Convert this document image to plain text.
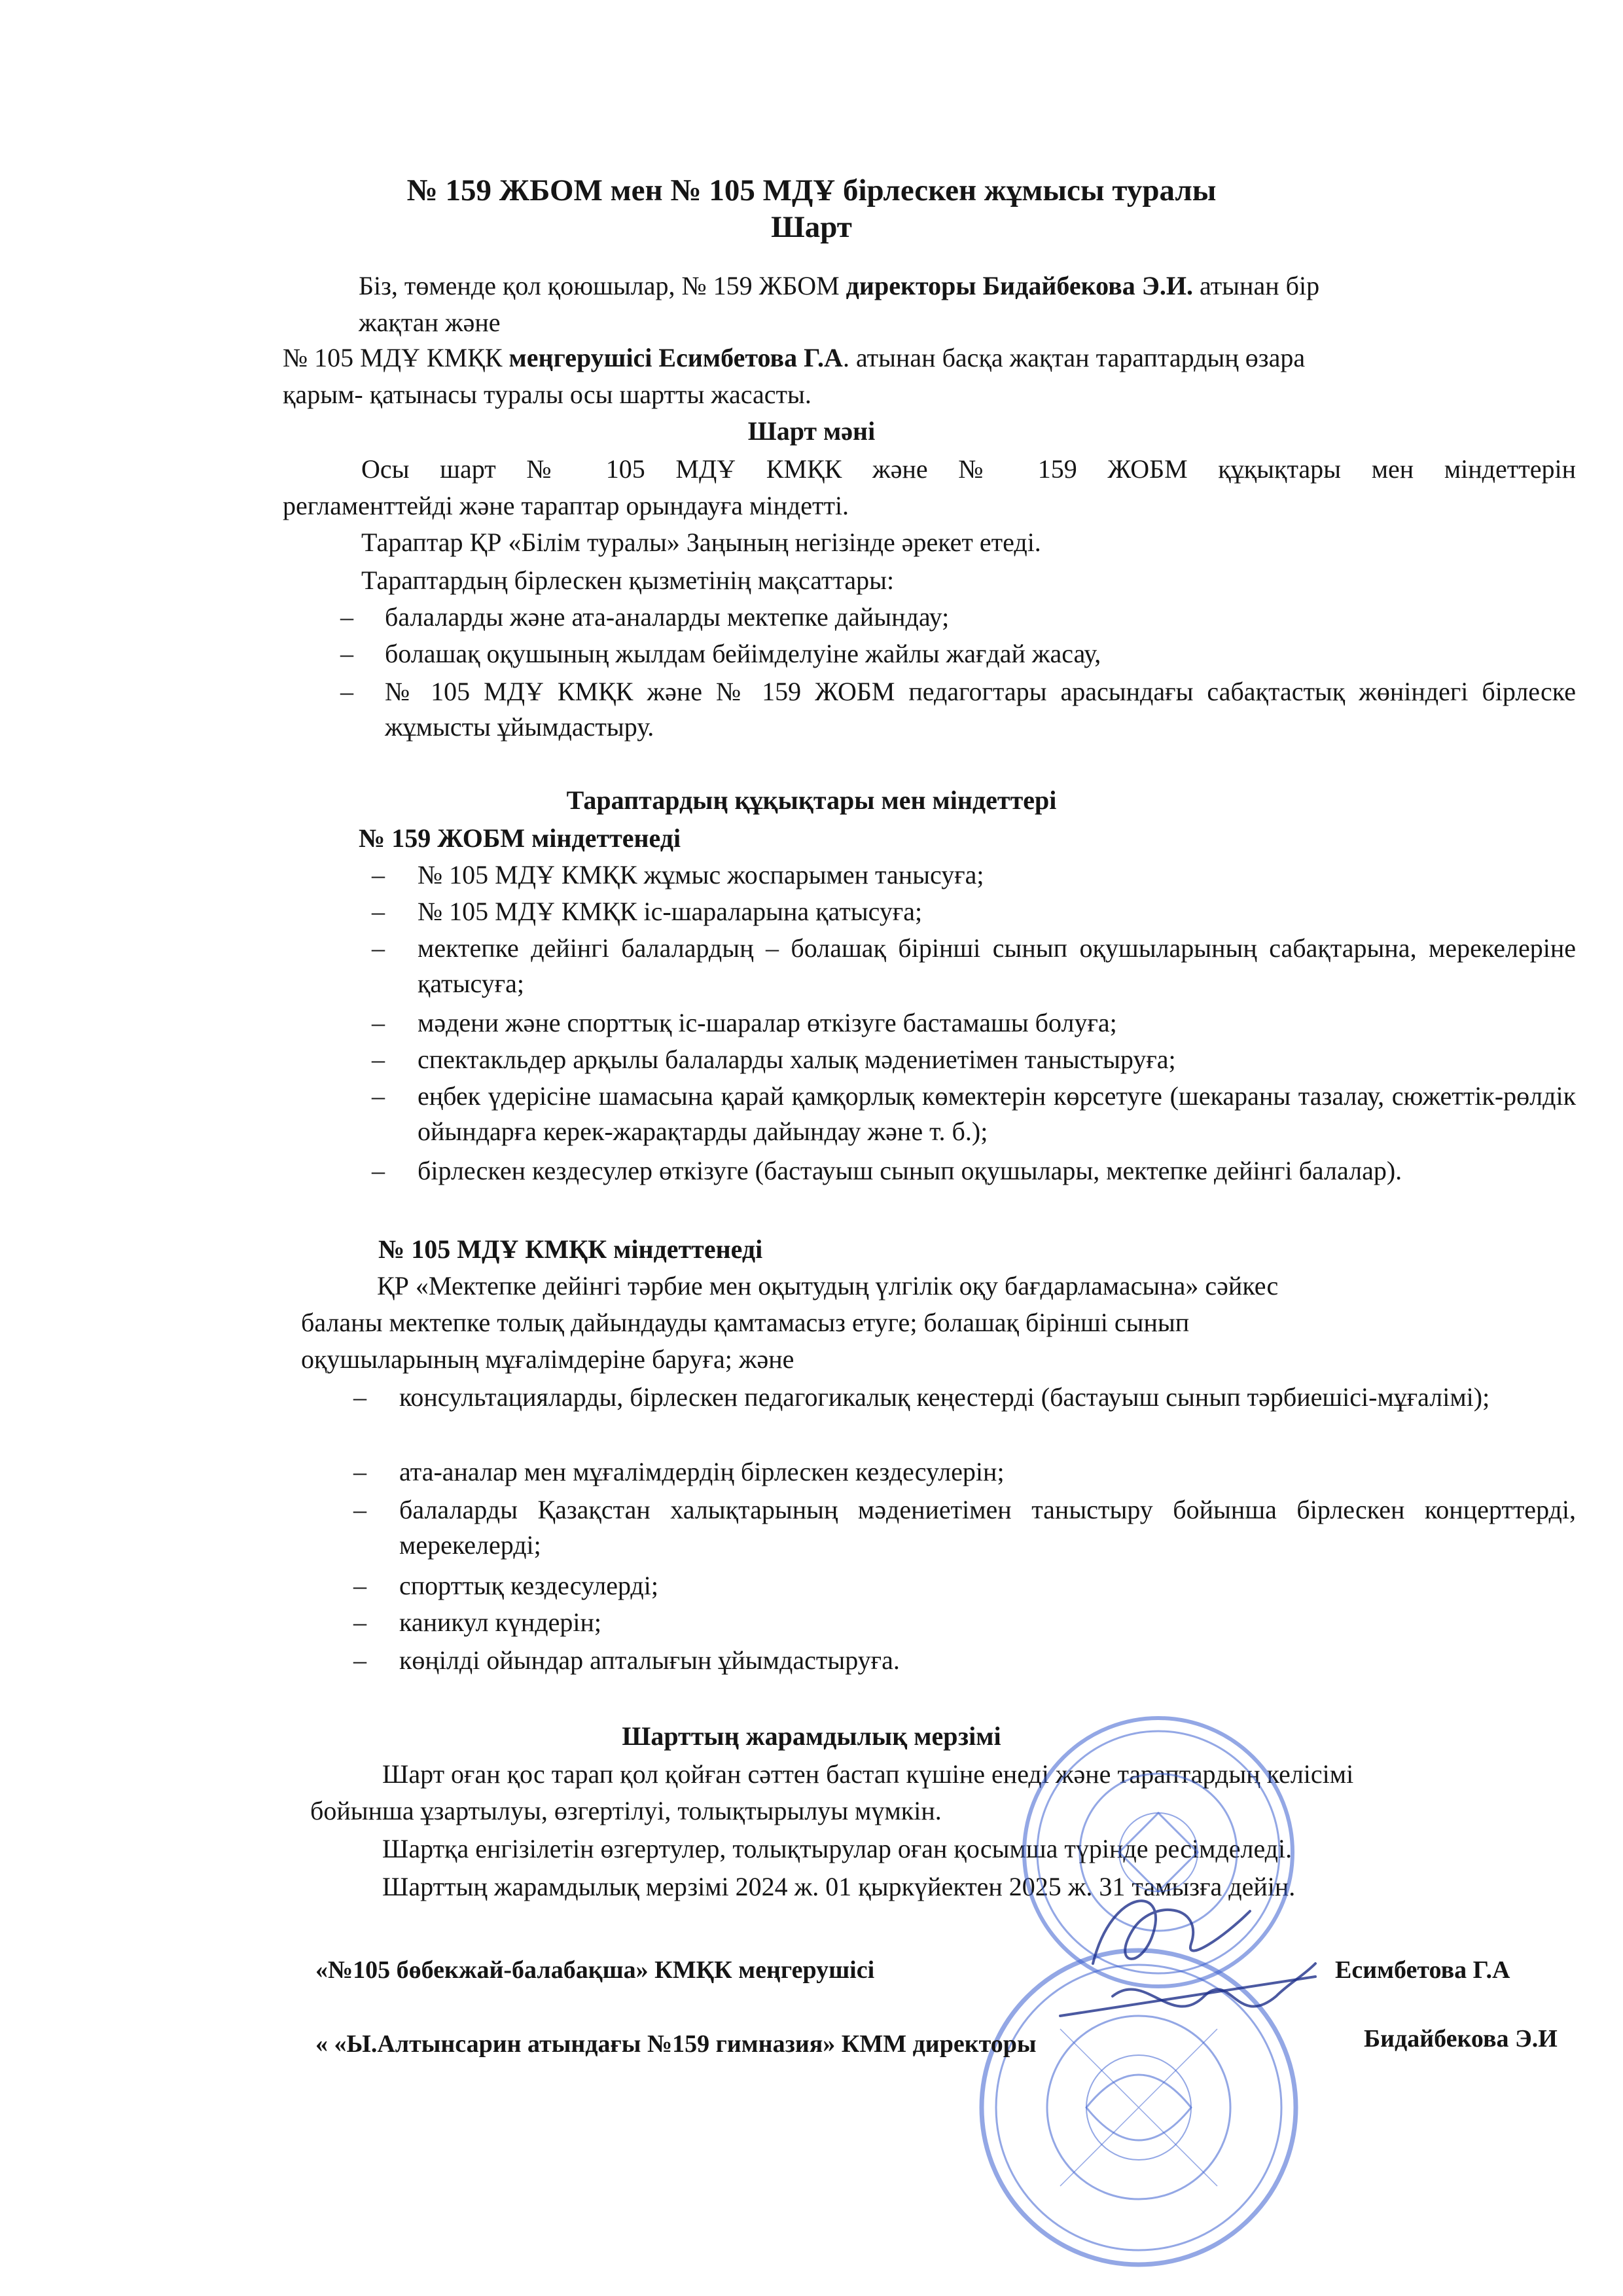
№ 159 ЖБОМ мен № 105 МДҰ бірлескен жұмысы туралы
Шарт
Біз, төменде қол қоюшылар, № 159 ЖБОМ директоры Бидайбекова Э.И. атынан бір
жақтан және
№ 105 МДҰ КМҚК меңгерушісі Есимбетова Г.А. атынан басқа жақтан тараптардың өзара
қарым- қатынасы туралы осы шартты жасасты.
Шарт мәні
Осы шарт № 105 МДҰ КМҚК және № 159 ЖОБМ құқықтары мен міндеттерін
регламенттейді және тараптар орындауға міндетті.
Тараптар ҚР «Білім туралы» Заңының негізінде әрекет етеді.
Тараптардың бірлескен қызметінің мақсаттары:
– балаларды және ата-аналарды мектепке дайындау;
– болашақ оқушының жылдам бейімделуіне жайлы жағдай жасау,
– № 105 МДҰ КМҚК және № 159 ЖОБМ педагогтары арасындағы сабақтастық жөніндегі бірлеске жұмысты ұйымдастыру.
Тараптардың құқықтары мен міндеттері
№ 159 ЖОБМ міндеттенеді
– № 105 МДҰ КМҚК жұмыс жоспарымен танысуға;
– № 105 МДҰ КМҚК іс-шараларына қатысуға;
– мектепке дейінгі балалардың – болашақ бірінші сынып оқушыларының сабақтарына, мерекелеріне қатысуға;
– мәдени және спорттық іс-шаралар өткізуге бастамашы болуға;
– спектакльдер арқылы балаларды халық мәдениетімен таныстыруға;
– еңбек үдерісіне шамасына қарай қамқорлық көмектерін көрсетуге (шекараны тазалау, сюжеттік-рөлдік ойындарға керек-жарақтарды дайындау және т. б.);
– бірлескен кездесулер өткізуге (бастауыш сынып оқушылары, мектепке дейінгі балалар).
№ 105 МДҰ КМҚК міндеттенеді
ҚР «Мектепке дейінгі тәрбие мен оқытудың үлгілік оқу бағдарламасына» сәйкес
баланы мектепке толық дайындауды қамтамасыз етуге; болашақ бірінші сынып
оқушыларының мұғалімдеріне баруға; және
– консультацияларды, бірлескен педагогикалық кеңестерді (бастауыш сынып тәрбиешісі-мұғалімі);
– ата-аналар мен мұғалімдердің бірлескен кездесулерін;
– балаларды Қазақстан халықтарының мәдениетімен таныстыру бойынша бірлескен концерттерді, мерекелерді;
– спорттық кездесулерді;
– каникул күндерін;
– көңілді ойындар апталығын ұйымдастыруға.
Шарттың жарамдылық мерзімі
Шарт оған қос тарап қол қойған сәттен бастап күшіне енеді және тараптардың келісімі
бойынша ұзартылуы, өзгертілуі, толықтырылуы мүмкін.
Шартқа енгізілетін өзгертулер, толықтырулар оған қосымша түрінде ресімделеді.
Шарттың жарамдылық мерзімі 2024 ж. 01 қыркүйектен 2025 ж. 31 тамызға дейін.
«№105 бөбекжай-балабақша» КМҚК меңгерушісі	Есимбетова Г.А
« «Ы.Алтынсарин атындағы №159 гимназия» КММ директоры	Бидайбекова Э.И
